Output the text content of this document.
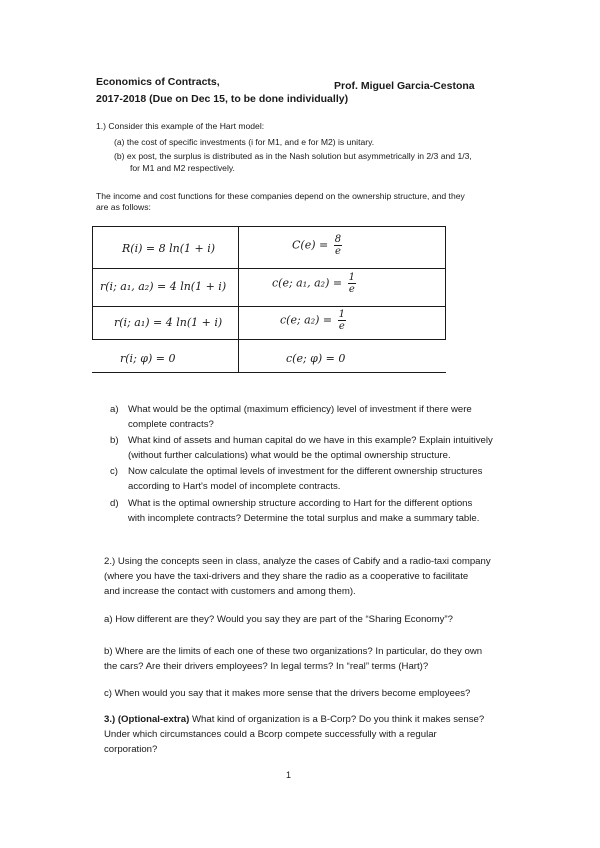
Economics of Contracts,	Prof. Miguel Garcia-Cestona
2017-2018 (Due on Dec 15, to be done individually)
1.) Consider this example of the Hart model:
(a) the cost of specific investments (i for M1, and e for M2) is unitary.
(b) ex post, the surplus is distributed as in the Nash solution but asymmetrically in 2/3 and 1/3,
for M1 and M2 respectively.
The income and cost functions for these companies depend on the ownership structure, and they
are as follows:
R(i) = 8 ln(1 + i)	$C(e) = \frac{8}{e}$
r(i; a₁, a₂) = 4 ln(1 + i)	c(e; a₁, $a_2) = \frac{1}{e}$
r(i; a₁) = 4 ln(1 + i)	c(e; $a_2) = \frac{1}{e}$
r(i; φ) = 0	c(e; φ) = 0
a) What would be the optimal (maximum efficiency) level of investment if there were
complete contracts?
b) What kind of assets and human capital do we have in this example? Explain intuitively
(without further calculations) what would be the optimal ownership structure.
c) Now calculate the optimal levels of investment for the different ownership structures
according to Hart's model of incomplete contracts.
d) What is the optimal ownership structure according to Hart for the different options
with incomplete contracts? Determine the total surplus and make a summary table.
2.) Using the concepts seen in class, analyze the cases of Cabify and a radio-taxi company
(where you have the taxi-drivers and they share the radio as a cooperative to facilitate
and increase the contact with customers and among them).
a) How different are they? Would you say they are part of the “Sharing Economy”?
b) Where are the limits of each one of these two organizations? In particular, do they own
the cars? Are their drivers employees? In legal terms? In “real” terms (Hart)?
c) When would you say that it makes more sense that the drivers become employees?
3.) (Optional-extra) What kind of organization is a B-Corp? Do you think it makes sense?
Under which circumstances could a Bcorp compete successfully with a regular
corporation?
1
